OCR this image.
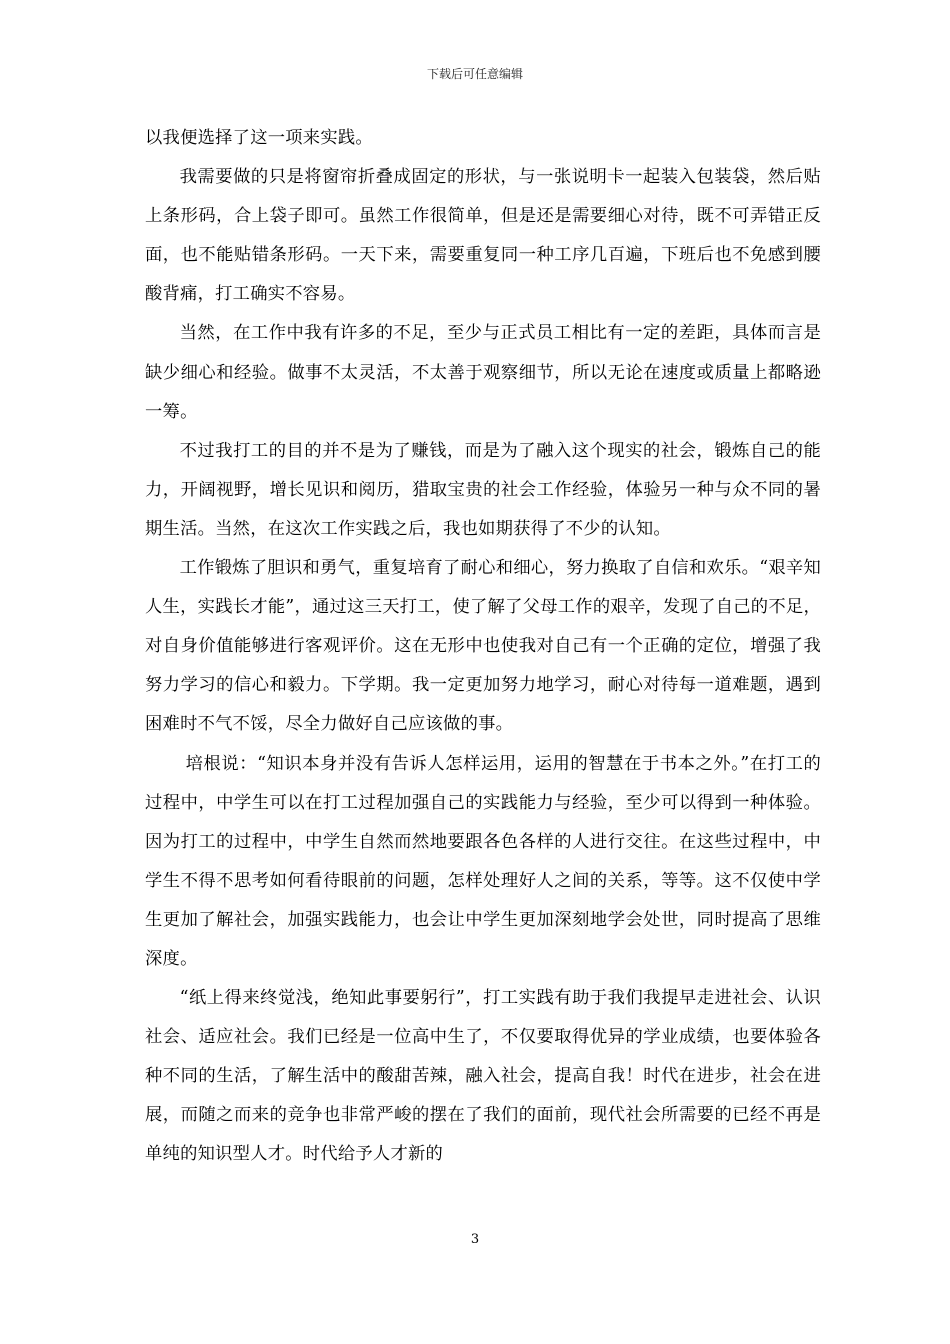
下载后可任意编辑

以我便选择了这一项来实践。

我需要做的只是将窗帘折叠成固定的形状，与一张说明卡一起装入包装袋，然后贴上条形码，合上袋子即可。虽然工作很简单，但是还是需要细心对待，既不可弄错正反面，也不能贴错条形码。一天下来，需要重复同一种工序几百遍，下班后也不免感到腰酸背痛，打工确实不容易。

当然，在工作中我有许多的不足，至少与正式员工相比有一定的差距，具体而言是缺少细心和经验。做事不太灵活，不太善于观察细节，所以无论在速度或质量上都略逊一筹。

不过我打工的目的并不是为了赚钱，而是为了融入这个现实的社会，锻炼自己的能力，开阔视野，增长见识和阅历，猎取宝贵的社会工作经验，体验另一种与众不同的暑期生活。当然，在这次工作实践之后，我也如期获得了不少的认知。

工作锻炼了胆识和勇气，重复培育了耐心和细心，努力换取了自信和欢乐。“艰辛知人生，实践长才能”，通过这三天打工，使了解了父母工作的艰辛，发现了自己的不足，对自身价值能够进行客观评价。这在无形中也使我对自己有一个正确的定位，增强了我努力学习的信心和毅力。下学期。我一定更加努力地学习，耐心对待每一道难题，遇到困难时不气不馁，尽全力做好自己应该做的事。

培根说：“知识本身并没有告诉人怎样运用，运用的智慧在于书本之外。”在打工的过程中，中学生可以在打工过程加强自己的实践能力与经验，至少可以得到一种体验。因为打工的过程中，中学生自然而然地要跟各色各样的人进行交往。在这些过程中，中学生不得不思考如何看待眼前的问题，怎样处理好人之间的关系，等等。这不仅使中学生更加了解社会，加强实践能力，也会让中学生更加深刻地学会处世，同时提高了思维深度。

“纸上得来终觉浅，绝知此事要躬行”，打工实践有助于我们我提早走进社会、认识社会、适应社会。我们已经是一位高中生了，不仅要取得优异的学业成绩，也要体验各种不同的生活，了解生活中的酸甜苦辣，融入社会，提高自我！时代在进步，社会在进展，而随之而来的竞争也非常严峻的摆在了我们的面前，现代社会所需要的已经不再是单纯的知识型人才。时代给予人才新的

3
